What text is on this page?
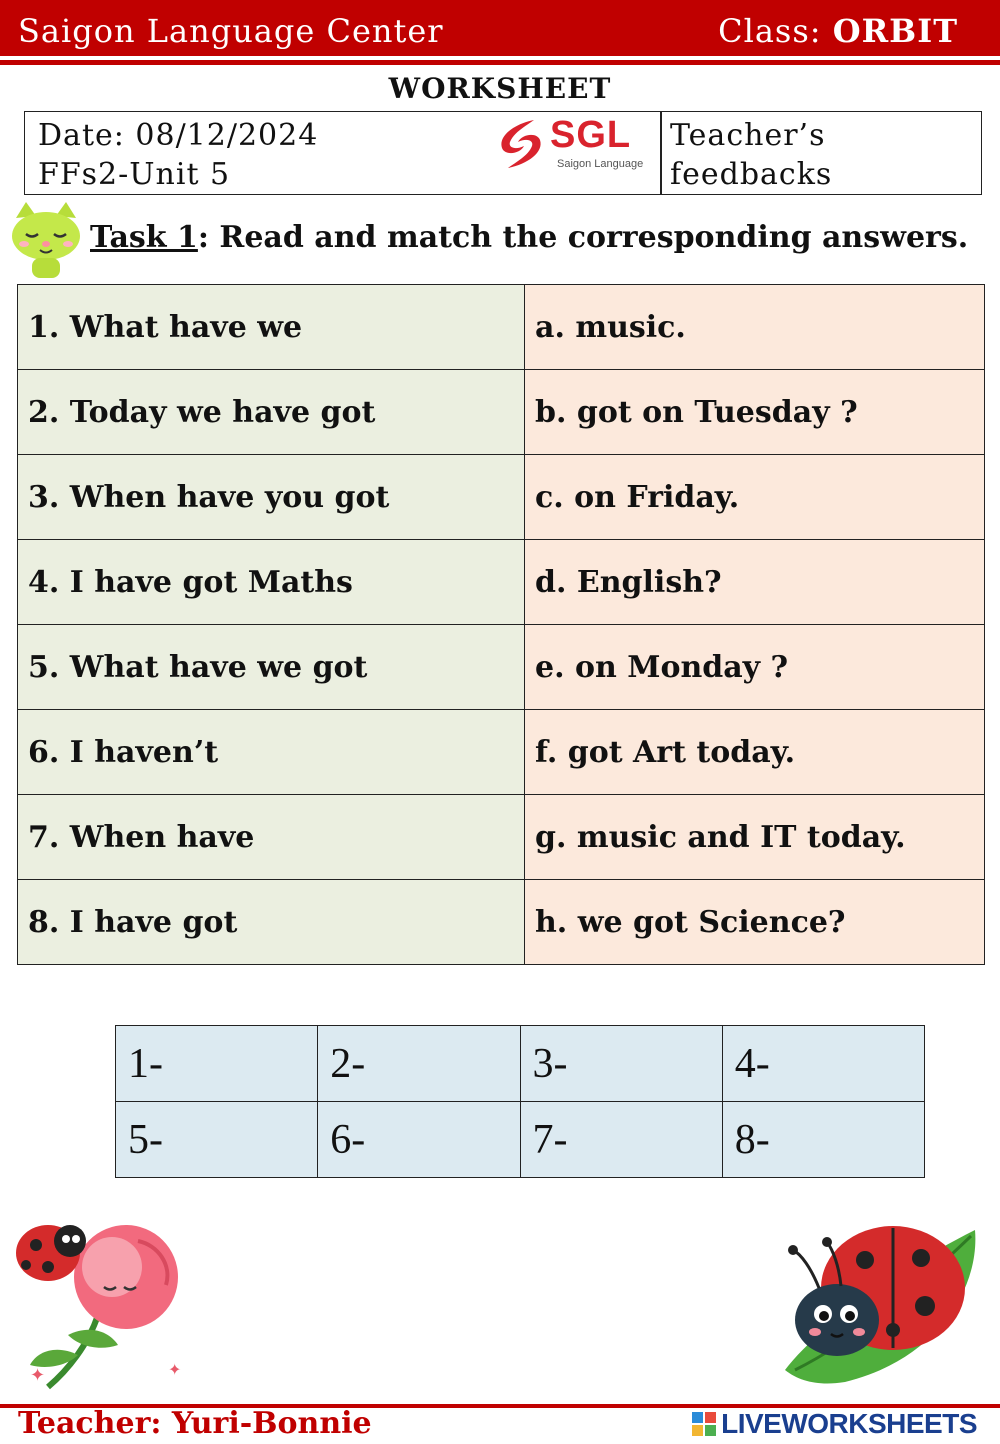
Saigon Language Center	Class: ORBIT
WORKSHEET
Date: 08/12/2024
FFs2-Unit 5
SGL
Saigon Language
Teacher’s
feedbacks
Task 1: Read and match the corresponding answers.
1. What have we	a. music.
2. Today we have got	b. got on Tuesday ?
3. When have you got	c. on Friday.
4. I have got Maths	d. English?
5. What have we got	e. on Monday ?
6. I haven’t	f. got Art today.
7. When have	g. music and IT today.
8. I have got	h. we got Science?
1-	2-	3-	4-
5-	6-	7-	8-
✦	✦
Teacher: Yuri-Bonnie	LIVEWORKSHEETS
